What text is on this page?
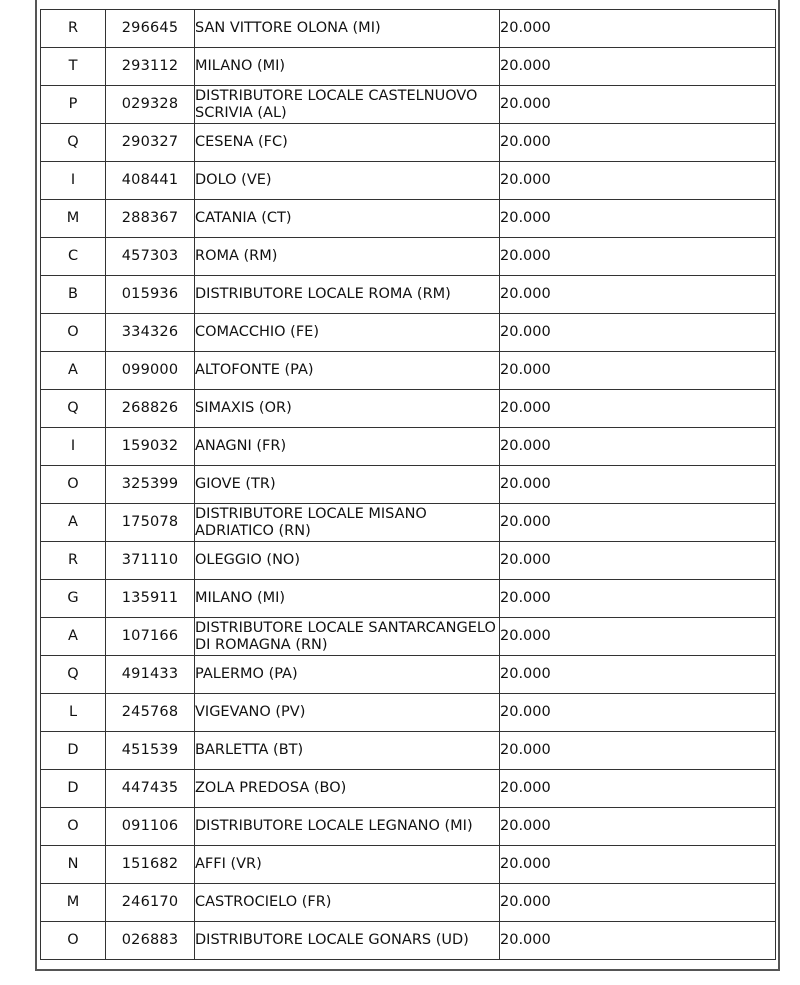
R	296645	SAN VITTORE OLONA (MI)	20.000
T	293112	MILANO (MI)	20.000
P	029328	DISTRIBUTORE LOCALE CASTELNUOVO SCRIVIA (AL)	20.000
Q	290327	CESENA (FC)	20.000
I	408441	DOLO (VE)	20.000
M	288367	CATANIA (CT)	20.000
C	457303	ROMA (RM)	20.000
B	015936	DISTRIBUTORE LOCALE ROMA (RM)	20.000
O	334326	COMACCHIO (FE)	20.000
A	099000	ALTOFONTE (PA)	20.000
Q	268826	SIMAXIS (OR)	20.000
I	159032	ANAGNI (FR)	20.000
O	325399	GIOVE (TR)	20.000
A	175078	DISTRIBUTORE LOCALE MISANO ADRIATICO (RN)	20.000
R	371110	OLEGGIO (NO)	20.000
G	135911	MILANO (MI)	20.000
A	107166	DISTRIBUTORE LOCALE SANTARCANGELO DI ROMAGNA (RN)	20.000
Q	491433	PALERMO (PA)	20.000
L	245768	VIGEVANO (PV)	20.000
D	451539	BARLETTA (BT)	20.000
D	447435	ZOLA PREDOSA (BO)	20.000
O	091106	DISTRIBUTORE LOCALE LEGNANO (MI)	20.000
N	151682	AFFI (VR)	20.000
M	246170	CASTROCIELO (FR)	20.000
O	026883	DISTRIBUTORE LOCALE GONARS (UD)	20.000
